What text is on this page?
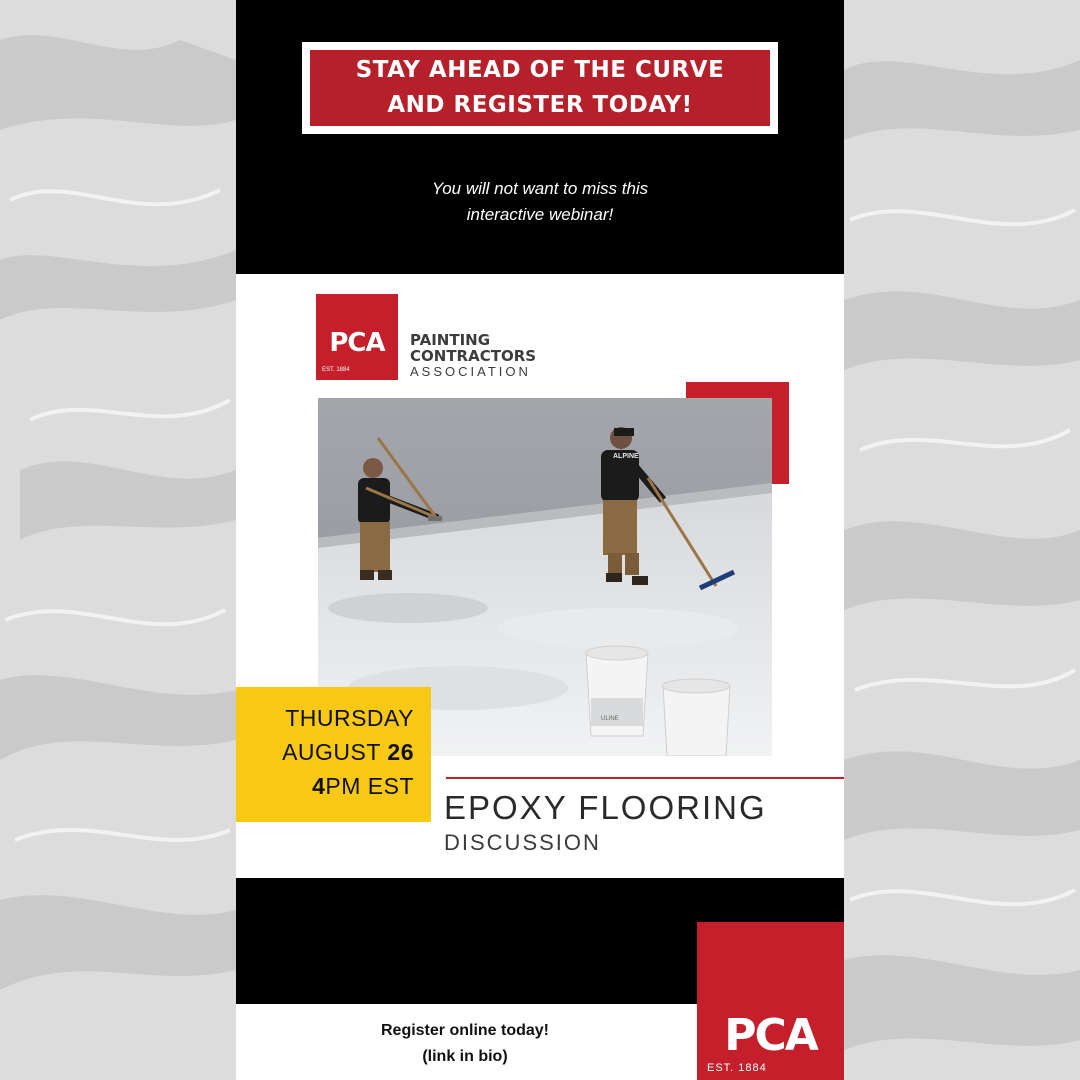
STAY AHEAD OF THE CURVE
AND REGISTER TODAY!
You will not want to miss this
interactive webinar!
PCA
EST. 1884
PAINTING
CONTRACTORS
ASSOCIATION
ALPINE
ULINE
THURSDAY
AUGUST 26
4PM EST
EPOXY FLOORING
DISCUSSION
Register online today!
(link in bio)	PCA
EST. 1884
